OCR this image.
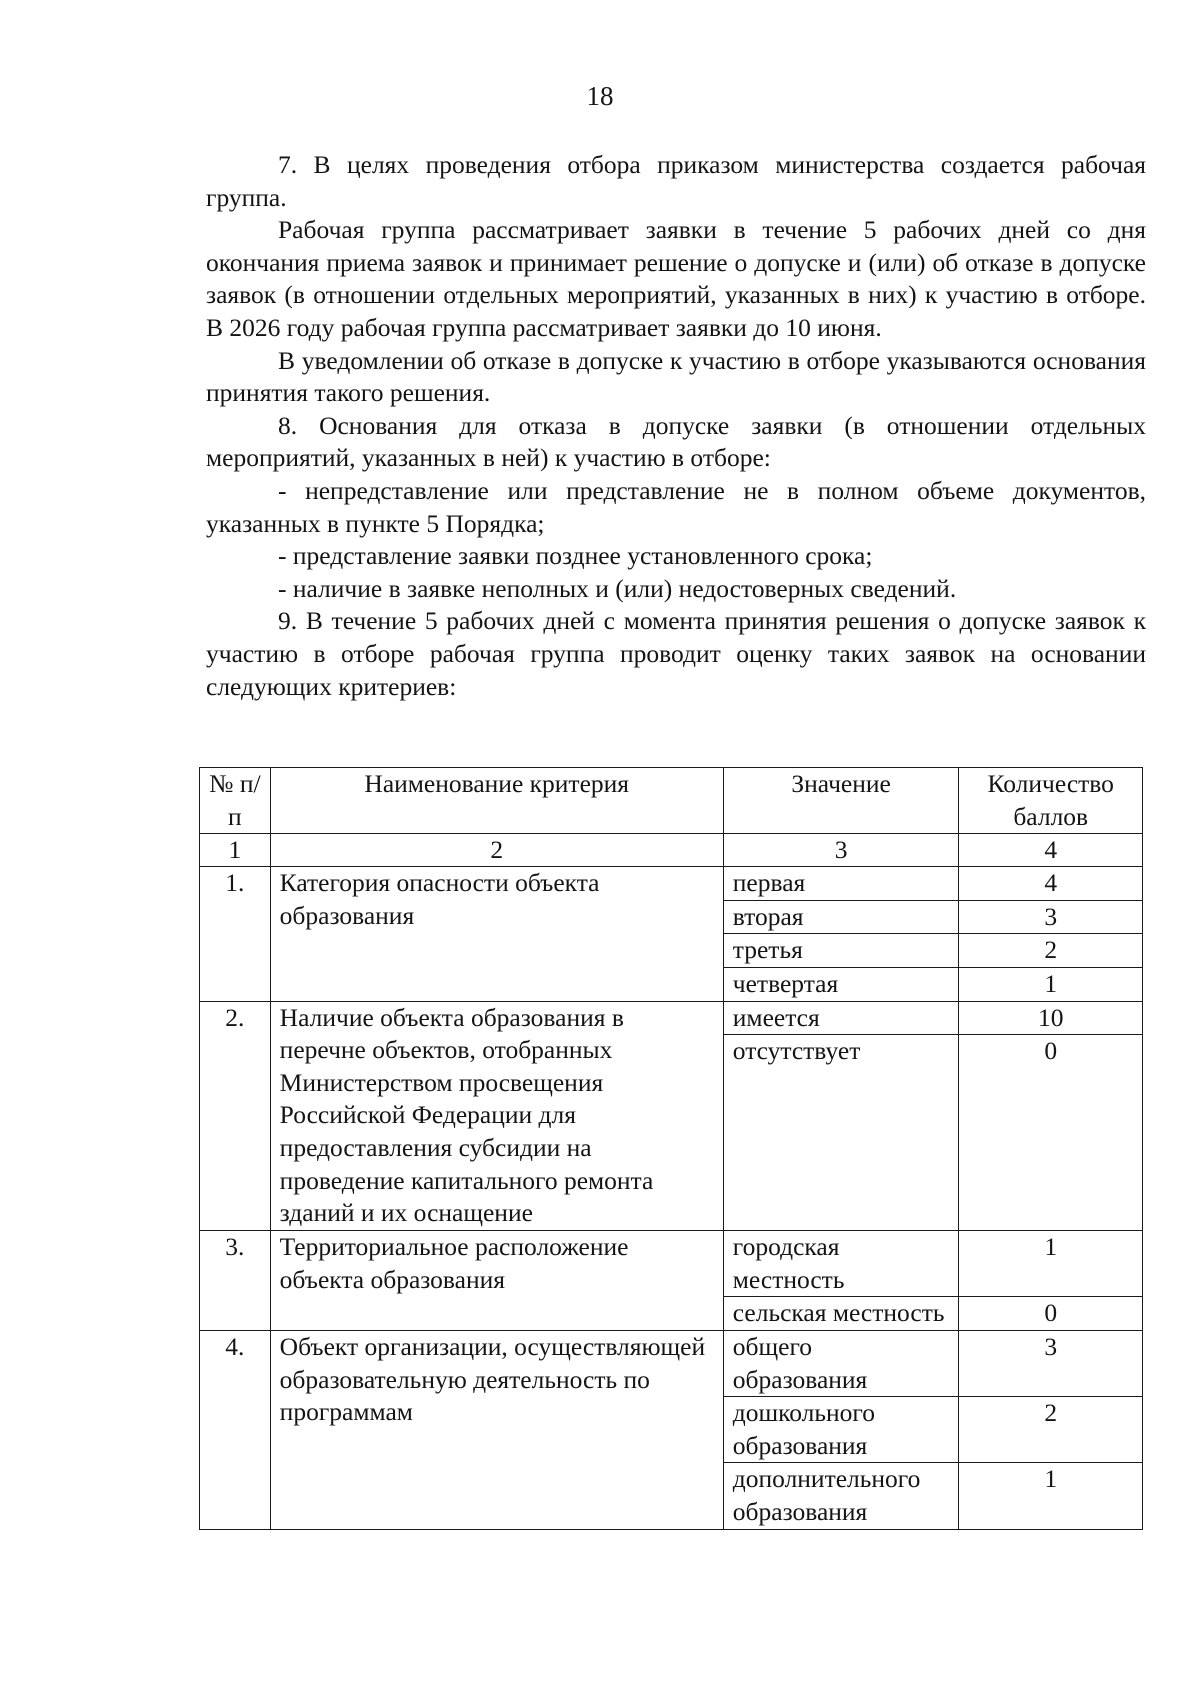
18

7. В целях проведения отбора приказом министерства создается рабочая группа.

Рабочая группа рассматривает заявки в течение 5 рабочих дней со дня окончания приема заявок и принимает решение о допуске и (или) об отказе в допуске заявок (в отношении отдельных мероприятий, указанных в них) к участию в отборе. В 2026 году рабочая группа рассматривает заявки до 10 июня.

В уведомлении об отказе в допуске к участию в отборе указываются основания принятия такого решения.

8. Основания для отказа в допуске заявки (в отношении отдельных мероприятий, указанных в ней) к участию в отборе:

- непредставление или представление не в полном объеме документов, указанных в пункте 5 Порядка;

- представление заявки позднее установленного срока;

- наличие в заявке неполных и (или) недостоверных сведений.

9. В течение 5 рабочих дней с момента принятия решения о допуске заявок к участию в отборе рабочая группа проводит оценку таких заявок на основании следующих критериев:

№ п/п	Наименование критерия	Значение	Количество баллов
1	2	3	4
1.	Категория опасности объекта образования	первая	4
		вторая	3
		третья	2
		четвертая	1
2.	Наличие объекта образования в перечне объектов, отобранных Министерством просвещения Российской Федерации для предоставления субсидии на проведение капитального ремонта зданий и их оснащение	имеется	10
		отсутствует	0
3.	Территориальное расположение объекта образования	городская местность	1
		сельская местность	0
4.	Объект организации, осуществляющей образовательную деятельность по программам	общего образования	3
		дошкольного образования	2
		дополнительного образования	1
